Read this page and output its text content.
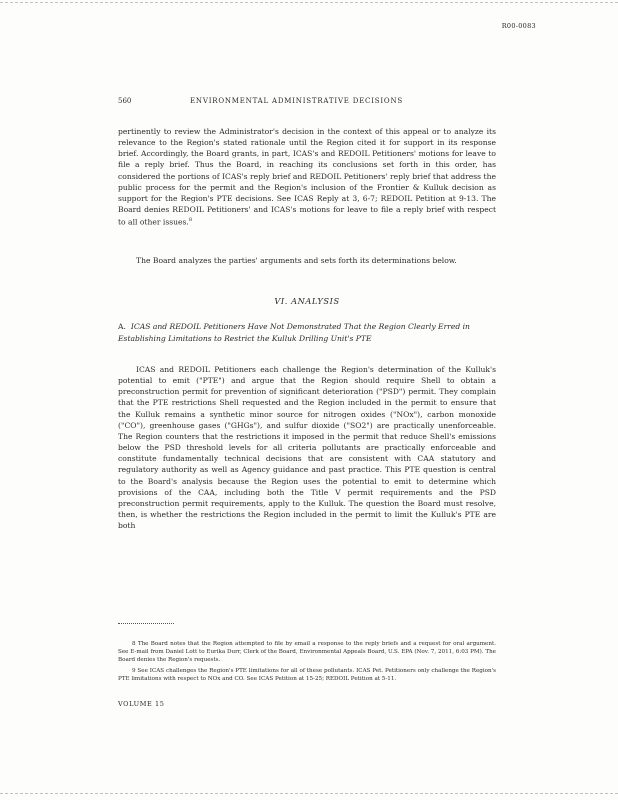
R00-0083
560	ENVIRONMENTAL ADMINISTRATIVE DECISIONS

pertinently to review the Administrator's decision in the context of this appeal or to analyze its relevance to the Region's stated rationale until the Region cited it for support in its response brief. Accordingly, the Board grants, in part, ICAS's and REDOIL Petitioners' motions for leave to file a reply brief. Thus the Board, in reaching its conclusions set forth in this order, has considered the portions of ICAS's reply brief and REDOIL Petitioners' reply brief that address the public process for the permit and the Region's inclusion of the Frontier & Kulluk decision as support for the Region's PTE decisions. See ICAS Reply at 3, 6-7; REDOIL Petition at 9-13. The Board denies REDOIL Petitioners' and ICAS's motions for leave to file a reply brief with respect to all other issues.$^8$

The Board analyzes the parties' arguments and sets forth its determinations below.

VI. ANALYSIS
A. ICAS and REDOIL Petitioners Have Not Demonstrated That the Region Clearly Erred in Establishing Limitations to Restrict the Kulluk Drilling Unit's PTE

ICAS and REDOIL Petitioners each challenge the Region's determination of the Kulluk's potential to emit ("PTE") and argue that the Region should require Shell to obtain a preconstruction permit for prevention of significant deterioration ("PSD") permit. They complain that the PTE restrictions Shell requested and the Region included in the permit to ensure that the Kulluk remains a synthetic minor source for nitrogen oxides ("NOx"), carbon monoxide ("CO"), greenhouse gases ("GHGs"), and sulfur dioxide ("SO2") are practically unenforceable. The Region counters that the restrictions it imposed in the permit that reduce Shell's emissions below the PSD threshold levels for all criteria pollutants are practically enforceable and constitute fundamentally technical decisions that are consistent with CAA statutory and regulatory authority as well as Agency guidance and past practice. This PTE question is central to the Board's analysis because the Region uses the potential to emit to determine which provisions of the CAA, including both the Title V permit requirements and the PSD preconstruction permit requirements, apply to the Kulluk. The question the Board must resolve, then, is whether the restrictions the Region included in the permit to limit the Kulluk's PTE are both

8 The Board notes that the Region attempted to file by email a response to the reply briefs and a request for oral argument. See E-mail from Daniel Lott to Eurika Durr, Clerk of the Board, Environmental Appeals Board, U.S. EPA (Nov. 7, 2011, 6:03 PM). The Board denies the Region's requests.

9 See ICAS challenges the Region's PTE limitations for all of these pollutants. ICAS Pet. Petitioners only challenge the Region's PTE limitations with respect to NOx and CO. See ICAS Petition at 15-25; REDOIL Petition at 5-11.

VOLUME 15
